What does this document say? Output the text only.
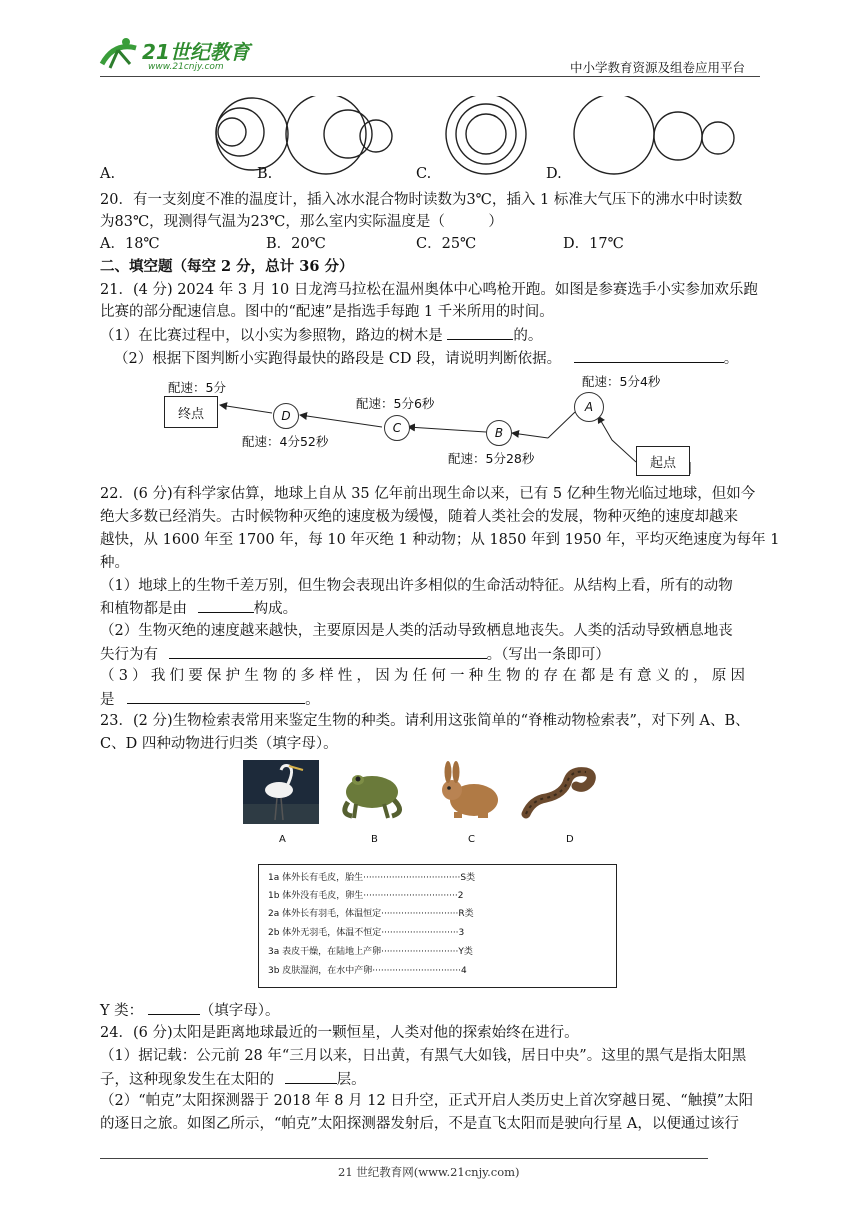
21世纪教育
www.21cnjy.com	中小学教育资源及组卷应用平台
A.	B.	C.	D.
20．有一支刻度不准的温度计，插入冰水混合物时读数为3℃，插入 1 标准大气压下的沸水中时读数
为83℃，现测得气温为23℃，那么室内实际温度是（　　　）
A．18℃	B．20℃	C．25℃	D．17℃
二、填空题（每空 2 分，总计 36 分）
21．(4 分) 2024 年 3 月 10 日龙湾马拉松在温州奥体中心鸣枪开跑。如图是参赛选手小实参加欢乐跑
比赛的部分配速信息。图中的“配速”是指选手每跑 1 千米所用的时间。
（1）在比赛过程中，以小实为参照物，路边的树木是	的。
（2）根据下图判断小实跑得最快的路段是 CD 段，请说明判断依据。	。
终点
起点
D
C	B
A
配速：5分
配速：4分52秒
配速：5分6秒
配速：5分28秒
配速：5分4秒
22．(6 分)有科学家估算，地球上自从 35 亿年前出现生命以来，已有 5 亿种生物光临过地球，但如今
绝大多数已经消失。古时候物种灭绝的速度极为缓慢，随着人类社会的发展，物种灭绝的速度却越来
越快，从 1600 年至 1700 年，每 10 年灭绝 1 种动物；从 1850 年到 1950 年，平均灭绝速度为每年 1
种。
（1）地球上的生物千差万别，但生物会表现出许多相似的生命活动特征。从结构上看，所有的动物
和植物都是由	构成。
（2）生物灭绝的速度越来越快，主要原因是人类的活动导致栖息地丧失。人类的活动导致栖息地丧
失行为有	。（写出一条即可）
（3）我们要保护生物的多样性，因为任何一种生物的存在都是有意义的，原因
是	。
23．(2 分)生物检索表常用来鉴定生物的种类。请利用这张简单的“脊椎动物检索表”，对下列 A、B、
C、D 四种动物进行归类（填字母）。
A	B	C	D
1a 体外长有毛皮，胎生··································S类
1b 体外没有毛皮，卵生·································2
2a 体外长有羽毛，体温恒定···························R类
2b 体外无羽毛，体温不恒定···························3
3a 表皮干燥，在陆地上产卵···························Y类
3b 皮肤湿润，在水中产卵·······························4
Y 类：	（填字母）。
24．(6 分)太阳是距离地球最近的一颗恒星，人类对他的探索始终在进行。
（1）据记载：公元前 28 年“三月以来，日出黄，有黑气大如钱，居日中央”。这里的黑气是指太阳黑
子，这种现象发生在太阳的	层。
（2）“帕克”太阳探测器于 2018 年 8 月 12 日升空，正式开启人类历史上首次穿越日冕、“触摸”太阳
的逐日之旅。如图乙所示，“帕克”太阳探测器发射后，不是直飞太阳而是驶向行星 A，以便通过该行
21 世纪教育网(www.21cnjy.com)
